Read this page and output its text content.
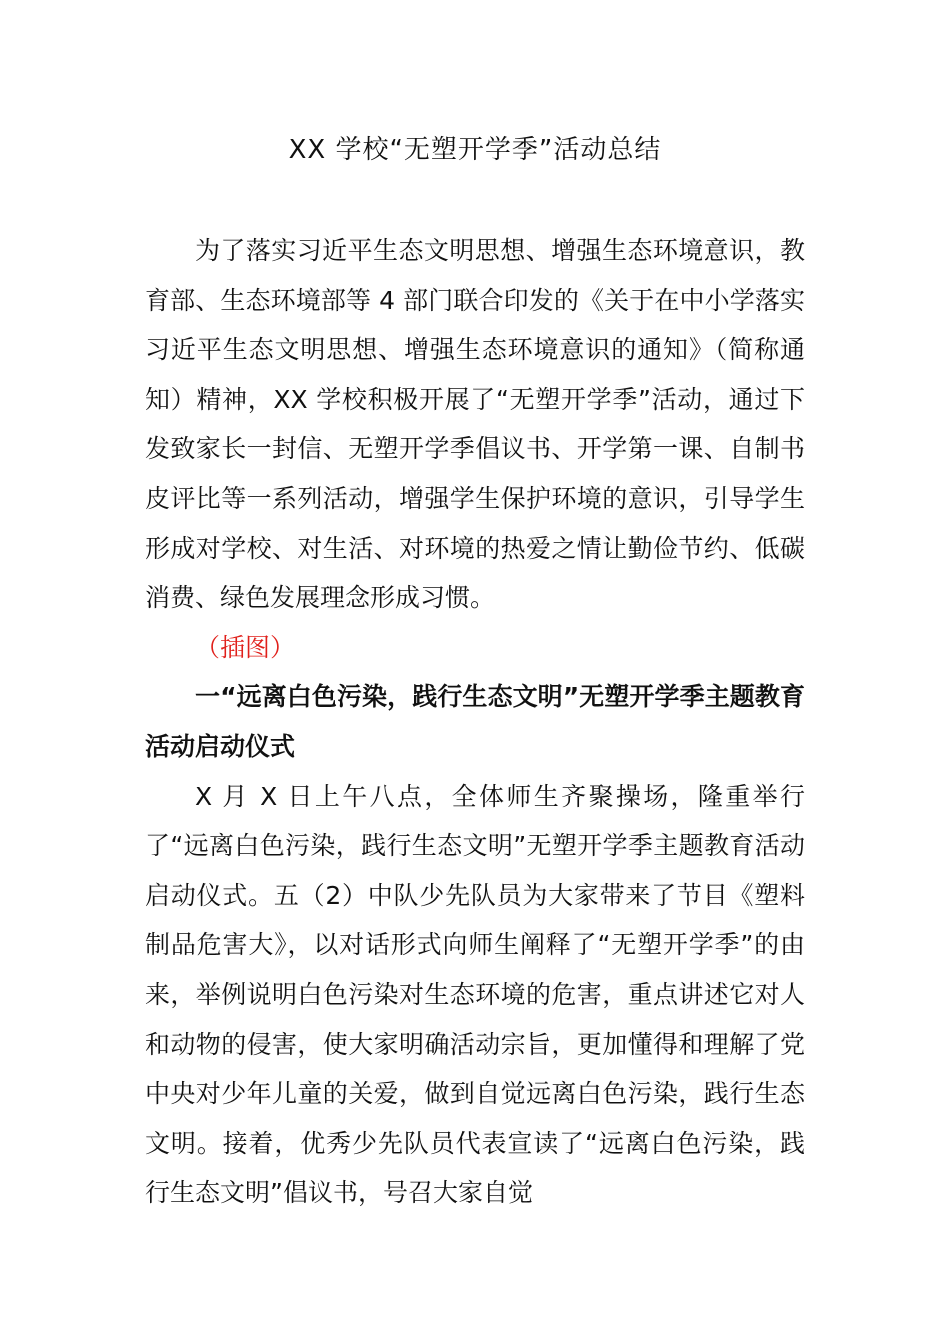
XX 学校“无塑开学季”活动总结

为了落实习近平生态文明思想、增强生态环境意识，教育部、生态环境部等 4 部门联合印发的《关于在中小学落实习近平生态文明思想、增强生态环境意识的通知》（简称通知）精神，XX 学校积极开展了“无塑开学季”活动，通过下发致家长一封信、无塑开学季倡议书、开学第一课、自制书皮评比等一系列活动，增强学生保护环境的意识，引导学生形成对学校、对生活、对环境的热爱之情让勤俭节约、低碳消费、绿色发展理念形成习惯。

（插图）

一“远离白色污染，践行生态文明”无塑开学季主题教育活动启动仪式

X 月 X 日上午八点，全体师生齐聚操场，隆重举行了“远离白色污染，践行生态文明”无塑开学季主题教育活动启动仪式。五（2）中队少先队员为大家带来了节目《塑料制品危害大》，以对话形式向师生阐释了“无塑开学季”的由来，举例说明白色污染对生态环境的危害，重点讲述它对人和动物的侵害，使大家明确活动宗旨，更加懂得和理解了党中央对少年儿童的关爱，做到自觉远离白色污染，践行生态文明。接着，优秀少先队员代表宣读了“远离白色污染，践行生态文明”倡议书，号召大家自觉
